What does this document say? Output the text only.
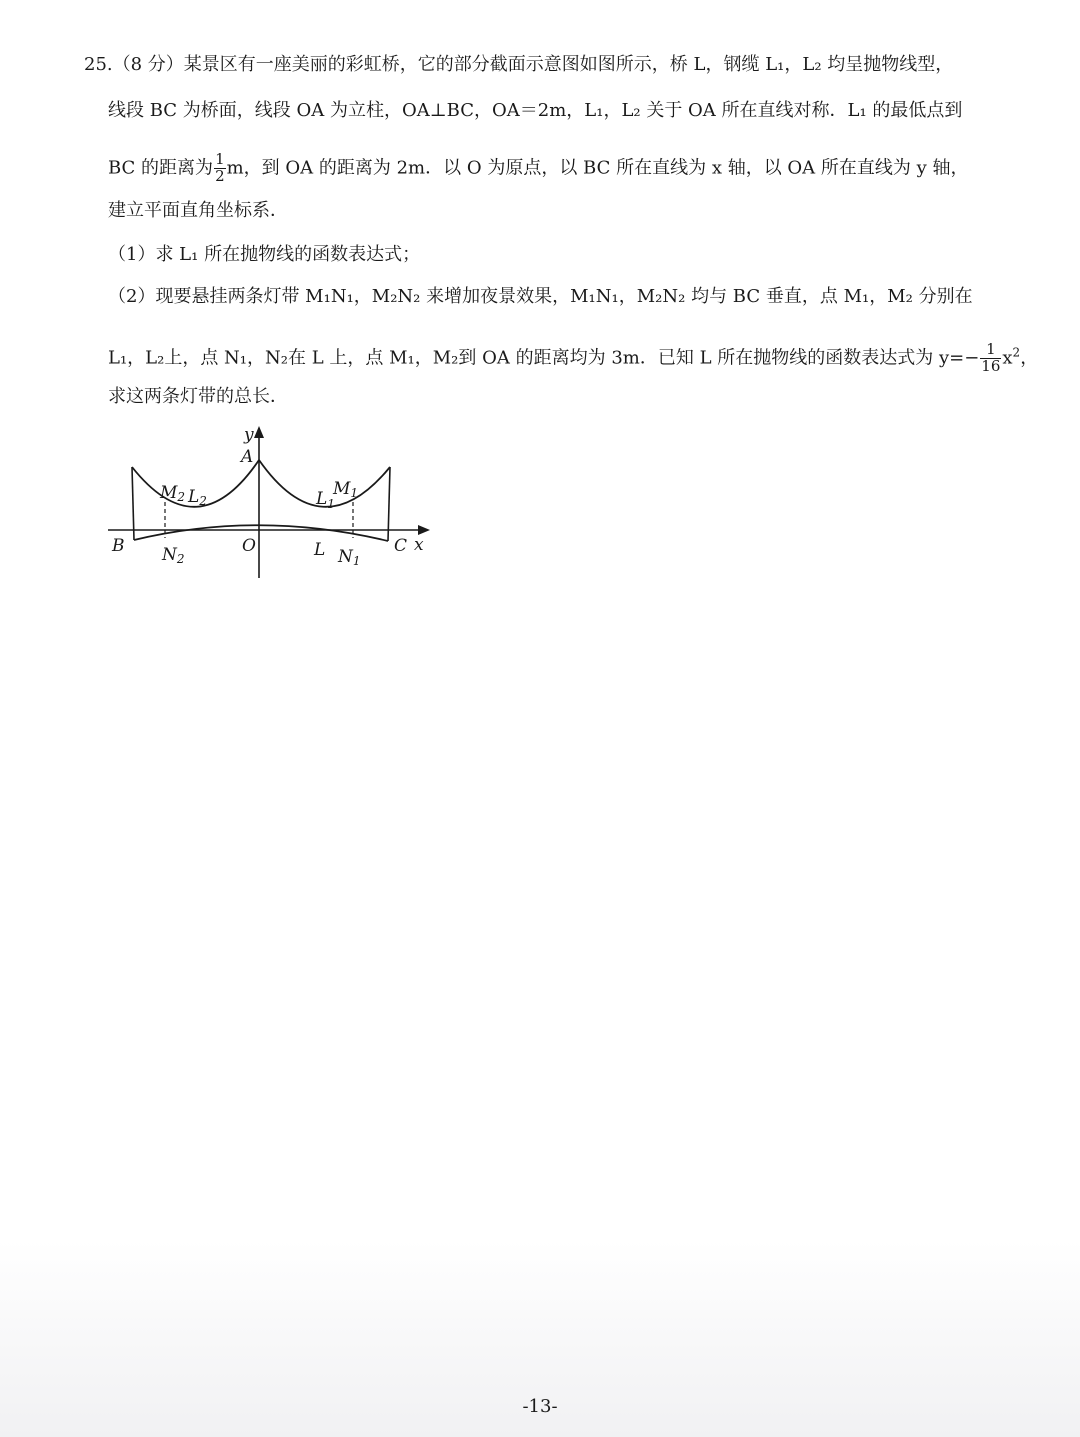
25.（8 分）某景区有一座美丽的彩虹桥，它的部分截面示意图如图所示，桥 L，钢缆 L₁，L₂ 均呈抛物线型，
线段 BC 为桥面，线段 OA 为立柱，OA⊥BC，OA＝2m，L₁，L₂ 关于 OA 所在直线对称．L₁ 的最低点到
BC 的距离为 $\frac{1}{2}$ m，到 OA 的距离为 2m．以 O 为原点，以 BC 所在直线为 x 轴，以 OA 所在直线为 y 轴，
建立平面直角坐标系．
（1）求 L₁ 所在抛物线的函数表达式；
（2）现要悬挂两条灯带 M₁N₁，M₂N₂ 来增加夜景效果，M₁N₁，M₂N₂ 均与 BC 垂直，点 M₁，M₂ 分别在
L₁，L₂上，点 N₁，N₂在 L 上，点 M₁，M₂到 OA 的距离均为 3m．已知 L 所在抛物线的函数表达式为 $y=- \frac{1}{16} x^2$，
求这两条灯带的总长．
y
A
x
B	O	C
M2 L2	$L_1$
M1
N2	L N1
-13-
